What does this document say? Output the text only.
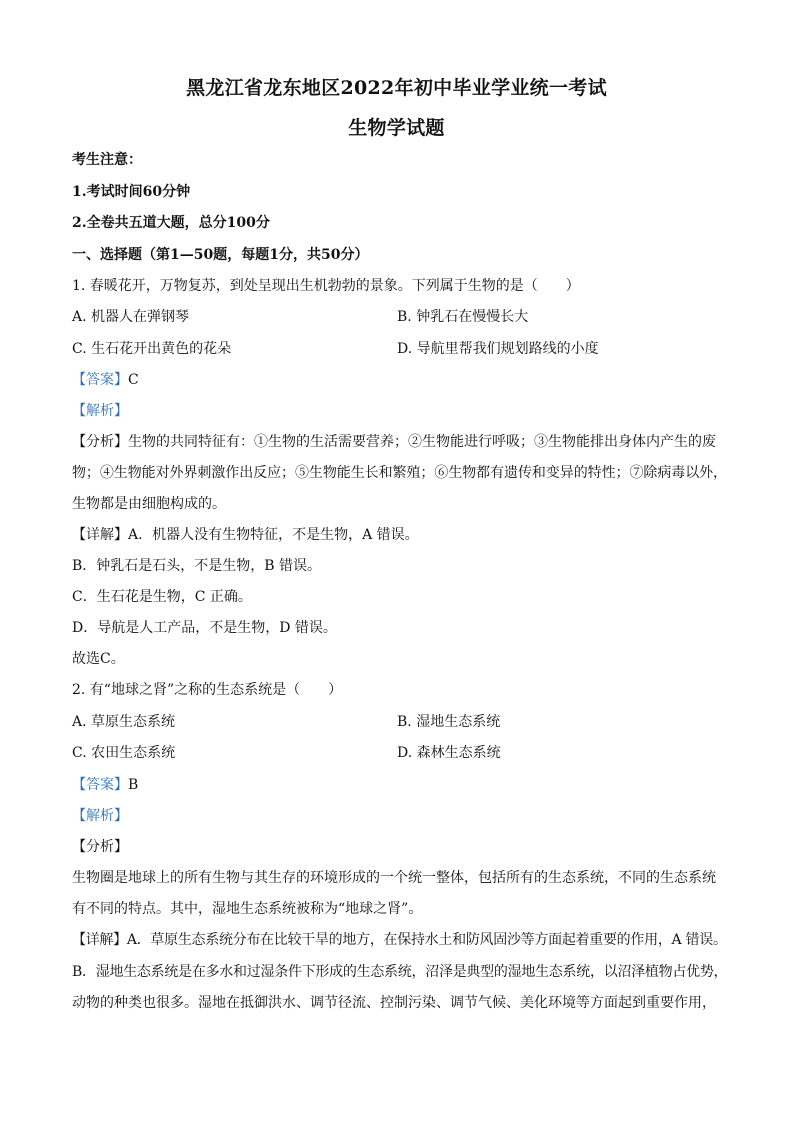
黑龙江省龙东地区2022年初中毕业学业统一考试
生物学试题
考生注意：
1.考试时间60分钟
2.全卷共五道大题，总分100分
一、选择题（第1—50题，每题1分，共50分）
1. 春暖花开，万物复苏，到处呈现出生机勃勃的景象。下列属于生物的是（　　）
A. 机器人在弹钢琴	B. 钟乳石在慢慢长大
C. 生石花开出黄色的花朵	D. 导航里帮我们规划路线的小度
【答案】C
【解析】
【分析】生物的共同特征有：①生物的生活需要营养；②生物能进行呼吸；③生物能排出身体内产生的废
物；④生物能对外界刺激作出反应；⑤生物能生长和繁殖；⑥生物都有遗传和变异的特性；⑦除病毒以外，
生物都是由细胞构成的。
【详解】A．机器人没有生物特征，不是生物，A 错误。
B．钟乳石是石头，不是生物，B 错误。
C．生石花是生物，C 正确。
D．导航是人工产品，不是生物，D 错误。
故选C。
2. 有“地球之肾”之称的生态系统是（　　）
A. 草原生态系统	B. 湿地生态系统
C. 农田生态系统	D. 森林生态系统
【答案】B
【解析】
【分析】
生物圈是地球上的所有生物与其生存的环境形成的一个统一整体，包括所有的生态系统，不同的生态系统
有不同的特点。其中，湿地生态系统被称为“地球之肾”。
【详解】A．草原生态系统分布在比较干旱的地方，在保持水土和防风固沙等方面起着重要的作用，A 错误。
B．湿地生态系统是在多水和过湿条件下形成的生态系统，沼泽是典型的湿地生态系统，以沼泽植物占优势，
动物的种类也很多。湿地在抵御洪水、调节径流、控制污染、调节气候、美化环境等方面起到重要作用，
